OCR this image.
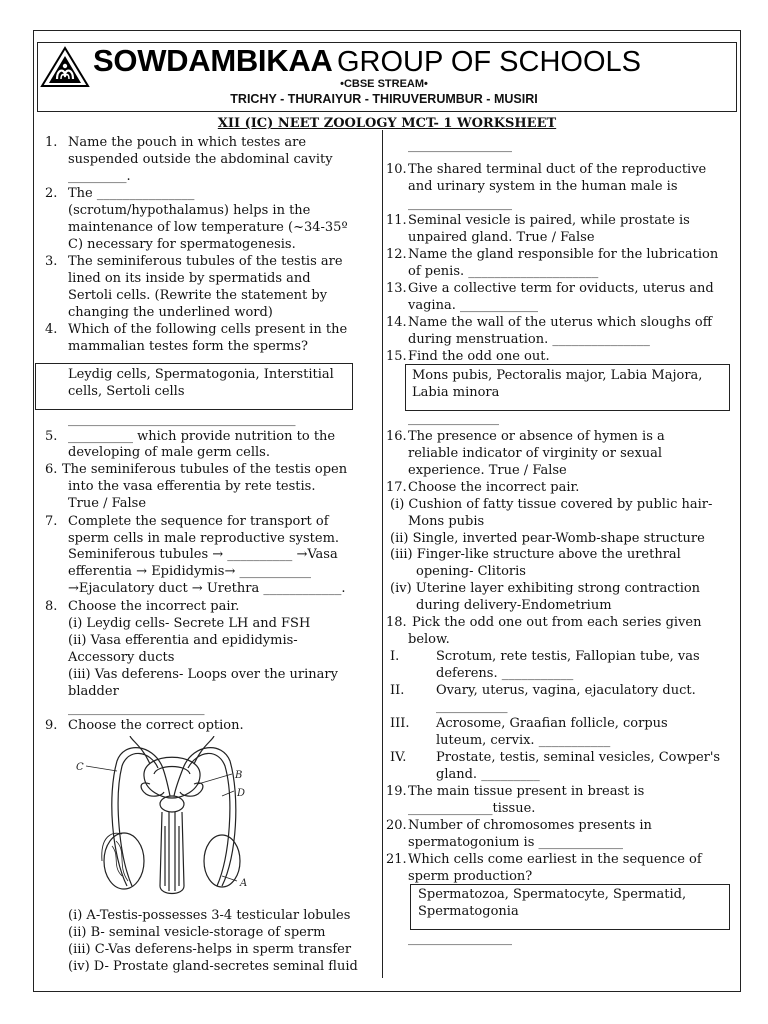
SOWDAMBIKAA GROUP OF SCHOOLS
•CBSE STREAM•
TRICHY - THURAIYUR - THIRUVERUMBUR - MUSIRI
XII (IC) NEET ZOOLOGY MCT- 1 WORKSHEET
1. Name the pouch in which testes are
suspended outside the abdominal cavity
_________.
2. The _______________
(scrotum/hypothalamus) helps in the
maintenance of low temperature (~34-35º
C) necessary for spermatogenesis.
3. The seminiferous tubules of the testis are
lined on its inside by spermatids and
Sertoli cells. (Rewrite the statement by
changing the underlined word)
4. Which of the following cells present in the
mammalian testes form the sperms?
Leydig cells, Spermatogonia, Interstitial
cells, Sertoli cells
___________________________________
5. __________ which provide nutrition to the
developing of male germ cells.
6. The seminiferous tubules of the testis open
into the vasa efferentia by rete testis.
True / False
7. Complete the sequence for transport of
sperm cells in male reproductive system.
Seminiferous tubules → __________ →Vasa
efferentia → Epididymis→ ___________
→Ejaculatory duct → Urethra ____________.
8. Choose the incorrect pair.
(i) Leydig cells- Secrete LH and FSH
(ii) Vasa efferentia and epididymis-
Accessory ducts
(iii) Vas deferens- Loops over the urinary
bladder
_____________________
9. Choose the correct option.
C
B
D
A
(i) A-Testis-possesses 3-4 testicular lobules
(ii) B- seminal vesicle-storage of sperm
(iii) C-Vas deferens-helps in sperm transfer
(iv) D- Prostate gland-secretes seminal fluid
________________
10. The shared terminal duct of the reproductive
and urinary system in the human male is
________________
11. Seminal vesicle is paired, while prostate is
unpaired gland. True / False
12. Name the gland responsible for the lubrication
of penis. ____________________
13. Give a collective term for oviducts, uterus and
vagina. ____________
14. Name the wall of the uterus which sloughs off
during menstruation. _______________
15. Find the odd one out.
Mons pubis, Pectoralis major, Labia Majora,
Labia minora
______________
16. The presence or absence of hymen is a
reliable indicator of virginity or sexual
experience. True / False
17. Choose the incorrect pair.
(i) Cushion of fatty tissue covered by public hair-
Mons pubis
(ii) Single, inverted pear-Womb-shape structure
(iii) Finger-like structure above the urethral
opening- Clitoris
(iv) Uterine layer exhibiting strong contraction
during delivery-Endometrium
18. Pick the odd one out from each series given
below.
I.	Scrotum, rete testis, Fallopian tube, vas
deferens. ___________
II. Ovary, uterus, vagina, ejaculatory duct.
___________
III. Acrosome, Graafian follicle, corpus
luteum, cervix. ___________
IV. Prostate, testis, seminal vesicles, Cowper's
gland. _________
19. The main tissue present in breast is
_____________tissue.
20. Number of chromosomes presents in
spermatogonium is _____________
21. Which cells come earliest in the sequence of
sperm production?
Spermatozoa, Spermatocyte, Spermatid,
Spermatogonia
________________
